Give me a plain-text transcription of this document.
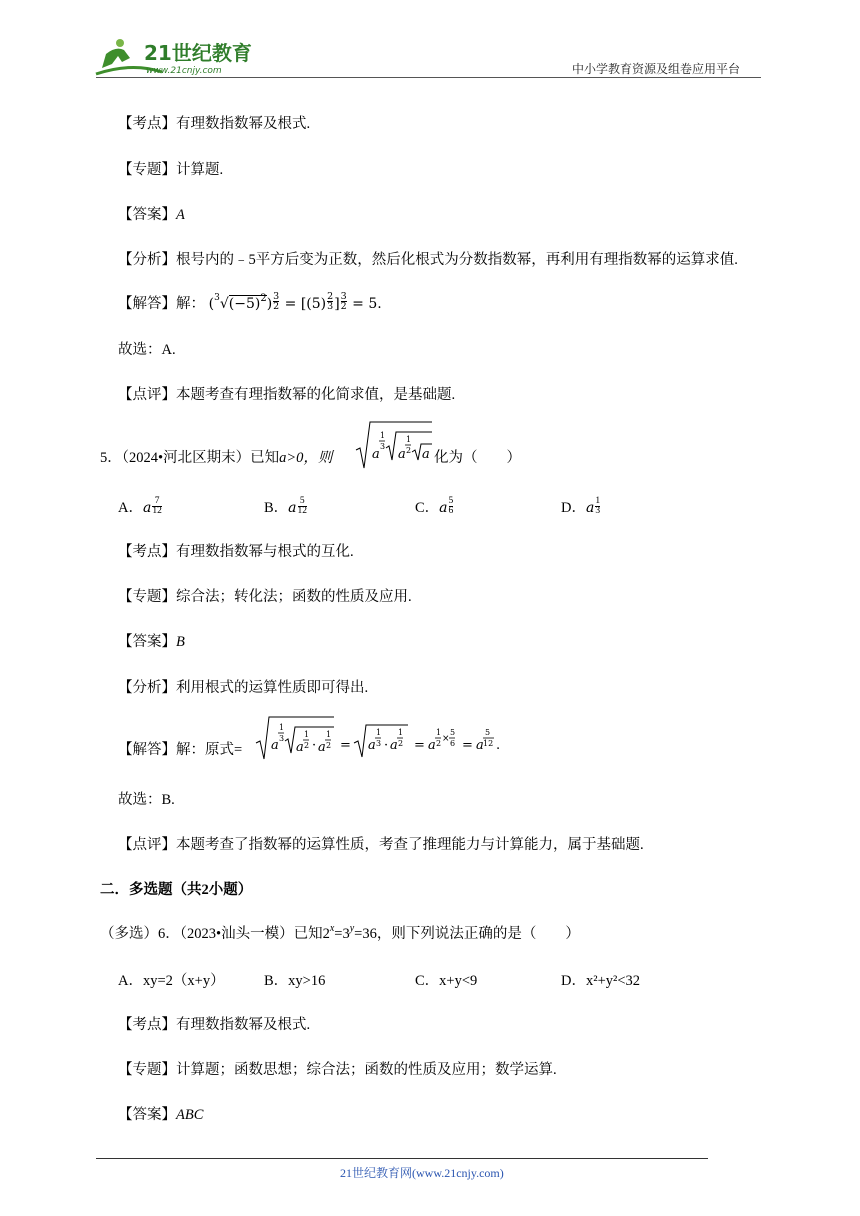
21世纪教育
www.21cnjy.com	中小学教育资源及组卷应用平台
【考点】有理数指数幂及根式.
【专题】计算题.
【答案】A
【分析】根号内的﹣5平方后变为正数，然后化根式为分数指数幂，再利用有理指数幂的运算求值.
【解答】解： $(^3√(-5)^2) \frac{3}{2} = [(5) \frac{2}{3}$ ] $\frac{3}{2} = 5$.
故选：A.
【点评】本题考查有理指数幂的化简求值，是基础题.
5．（2024•河北区期末）已知a>0，则	a
1
3
a
1
2 a 化为（　　）
A．a $\frac{7}{12}$	B．a $\frac{5}{12}$	C．a $\frac{5}{6}$	D．a $\frac{1}{3}$
【考点】有理数指数幂与根式的互化.
【专题】综合法；转化法；函数的性质及应用.
【答案】B
【分析】利用根式的运算性质即可得出.
【解答】解：原式= a
1
3
a
1
2 · a
1
2 = a
1
3 · a
1
2 = a
1
2 ×
5
6 = a
5
12 .
故选：B.
【点评】本题考查了指数幂的运算性质，考查了推理能力与计算能力，属于基础题.
二．多选题（共2小题）
（多选）6．（2023•汕头一模）已知$2^x=3^y=36$，则下列说法正确的是（　　）
A．xy=2（x+y）	B．xy>16	C．x+y<9	D．x²+y²<32
【考点】有理数指数幂及根式.
【专题】计算题；函数思想；综合法；函数的性质及应用；数学运算.
【答案】ABC
21世纪教育网(www.21cnjy.com)
